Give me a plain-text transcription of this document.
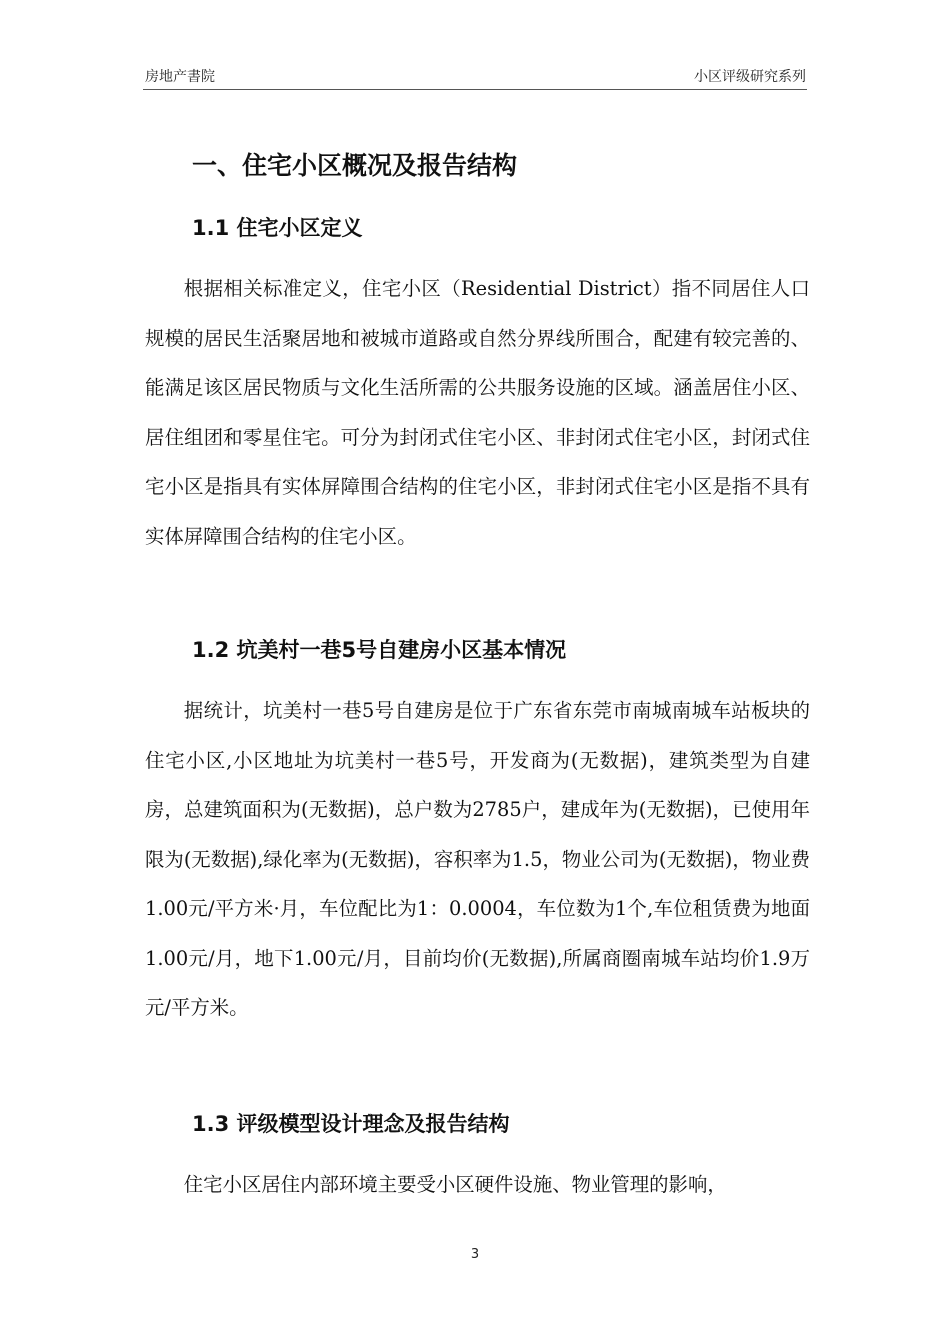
房地产書院	小区评级研究系列
一、住宅小区概况及报告结构
1.1 住宅小区定义

根据相关标准定义，住宅小区（Residential District）指不同居住人口规模的居民生活聚居地和被城市道路或自然分界线所围合，配建有较完善的、能满足该区居民物质与文化生活所需的公共服务设施的区域。涵盖居住小区、居住组团和零星住宅。可分为封闭式住宅小区、非封闭式住宅小区，封闭式住宅小区是指具有实体屏障围合结构的住宅小区，非封闭式住宅小区是指不具有实体屏障围合结构的住宅小区。

1.2 坑美村一巷5号自建房小区基本情况

据统计，坑美村一巷5号自建房是位于广东省东莞市南城南城车站板块的住宅小区,小区地址为坑美村一巷5号，开发商为(无数据)，建筑类型为自建房，总建筑面积为(无数据)，总户数为2785户，建成年为(无数据)，已使用年限为(无数据),绿化率为(无数据)，容积率为1.5，物业公司为(无数据)，物业费1.00元/平方米·月，车位配比为1：0.0004，车位数为1个,车位租赁费为地面1.00元/月，地下1.00元/月，目前均价(无数据),所属商圈南城车站均价1.9万元/平方米。

1.3 评级模型设计理念及报告结构

住宅小区居住内部环境主要受小区硬件设施、物业管理的影响，

3
